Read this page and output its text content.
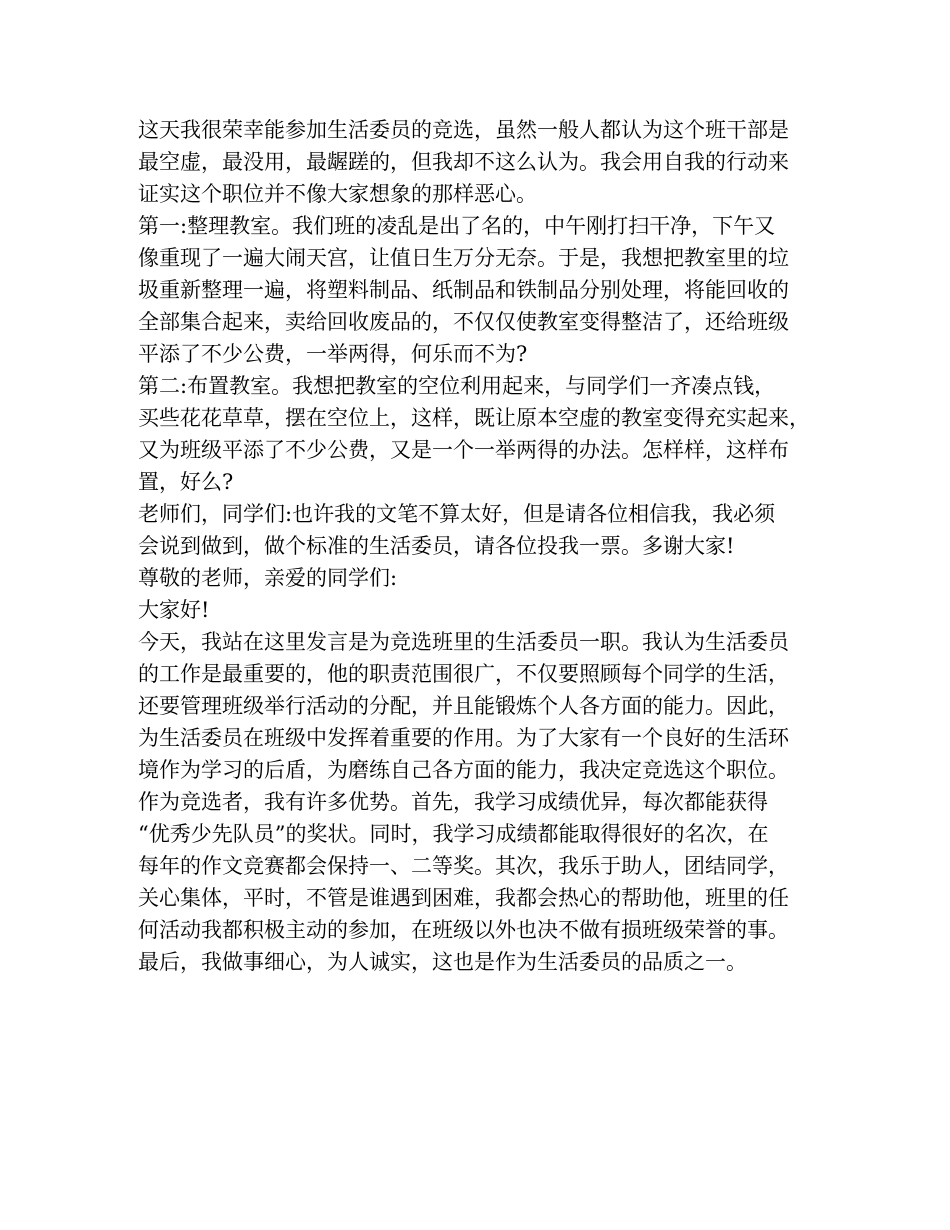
这天我很荣幸能参加生活委员的竞选，虽然一般人都认为这个班干部是
最空虚，最没用，最龌蹉的，但我却不这么认为。我会用自我的行动来
证实这个职位并不像大家想象的那样恶心。
第一:整理教室。我们班的凌乱是出了名的，中午刚打扫干净，下午又
像重现了一遍大闹天宫，让值日生万分无奈。于是，我想把教室里的垃
圾重新整理一遍，将塑料制品、纸制品和铁制品分别处理，将能回收的
全部集合起来，卖给回收废品的，不仅仅使教室变得整洁了，还给班级
平添了不少公费，一举两得，何乐而不为?
第二:布置教室。我想把教室的空位利用起来，与同学们一齐凑点钱，
买些花花草草，摆在空位上，这样，既让原本空虚的教室变得充实起来，
又为班级平添了不少公费，又是一个一举两得的办法。怎样样，这样布
置，好么?
老师们，同学们:也许我的文笔不算太好，但是请各位相信我，我必须
会说到做到，做个标准的生活委员，请各位投我一票。多谢大家!
尊敬的老师，亲爱的同学们:
大家好!
今天，我站在这里发言是为竞选班里的生活委员一职。我认为生活委员
的工作是最重要的，他的职责范围很广，不仅要照顾每个同学的生活，
还要管理班级举行活动的分配，并且能锻炼个人各方面的能力。因此，
为生活委员在班级中发挥着重要的作用。为了大家有一个良好的生活环
境作为学习的后盾，为磨练自己各方面的能力，我决定竞选这个职位。
作为竞选者，我有许多优势。首先，我学习成绩优异，每次都能获得
“优秀少先队员”的奖状。同时，我学习成绩都能取得很好的名次，在
每年的作文竞赛都会保持一、二等奖。其次，我乐于助人，团结同学，
关心集体，平时，不管是谁遇到困难，我都会热心的帮助他，班里的任
何活动我都积极主动的参加，在班级以外也决不做有损班级荣誉的事。
最后，我做事细心，为人诚实，这也是作为生活委员的品质之一。
